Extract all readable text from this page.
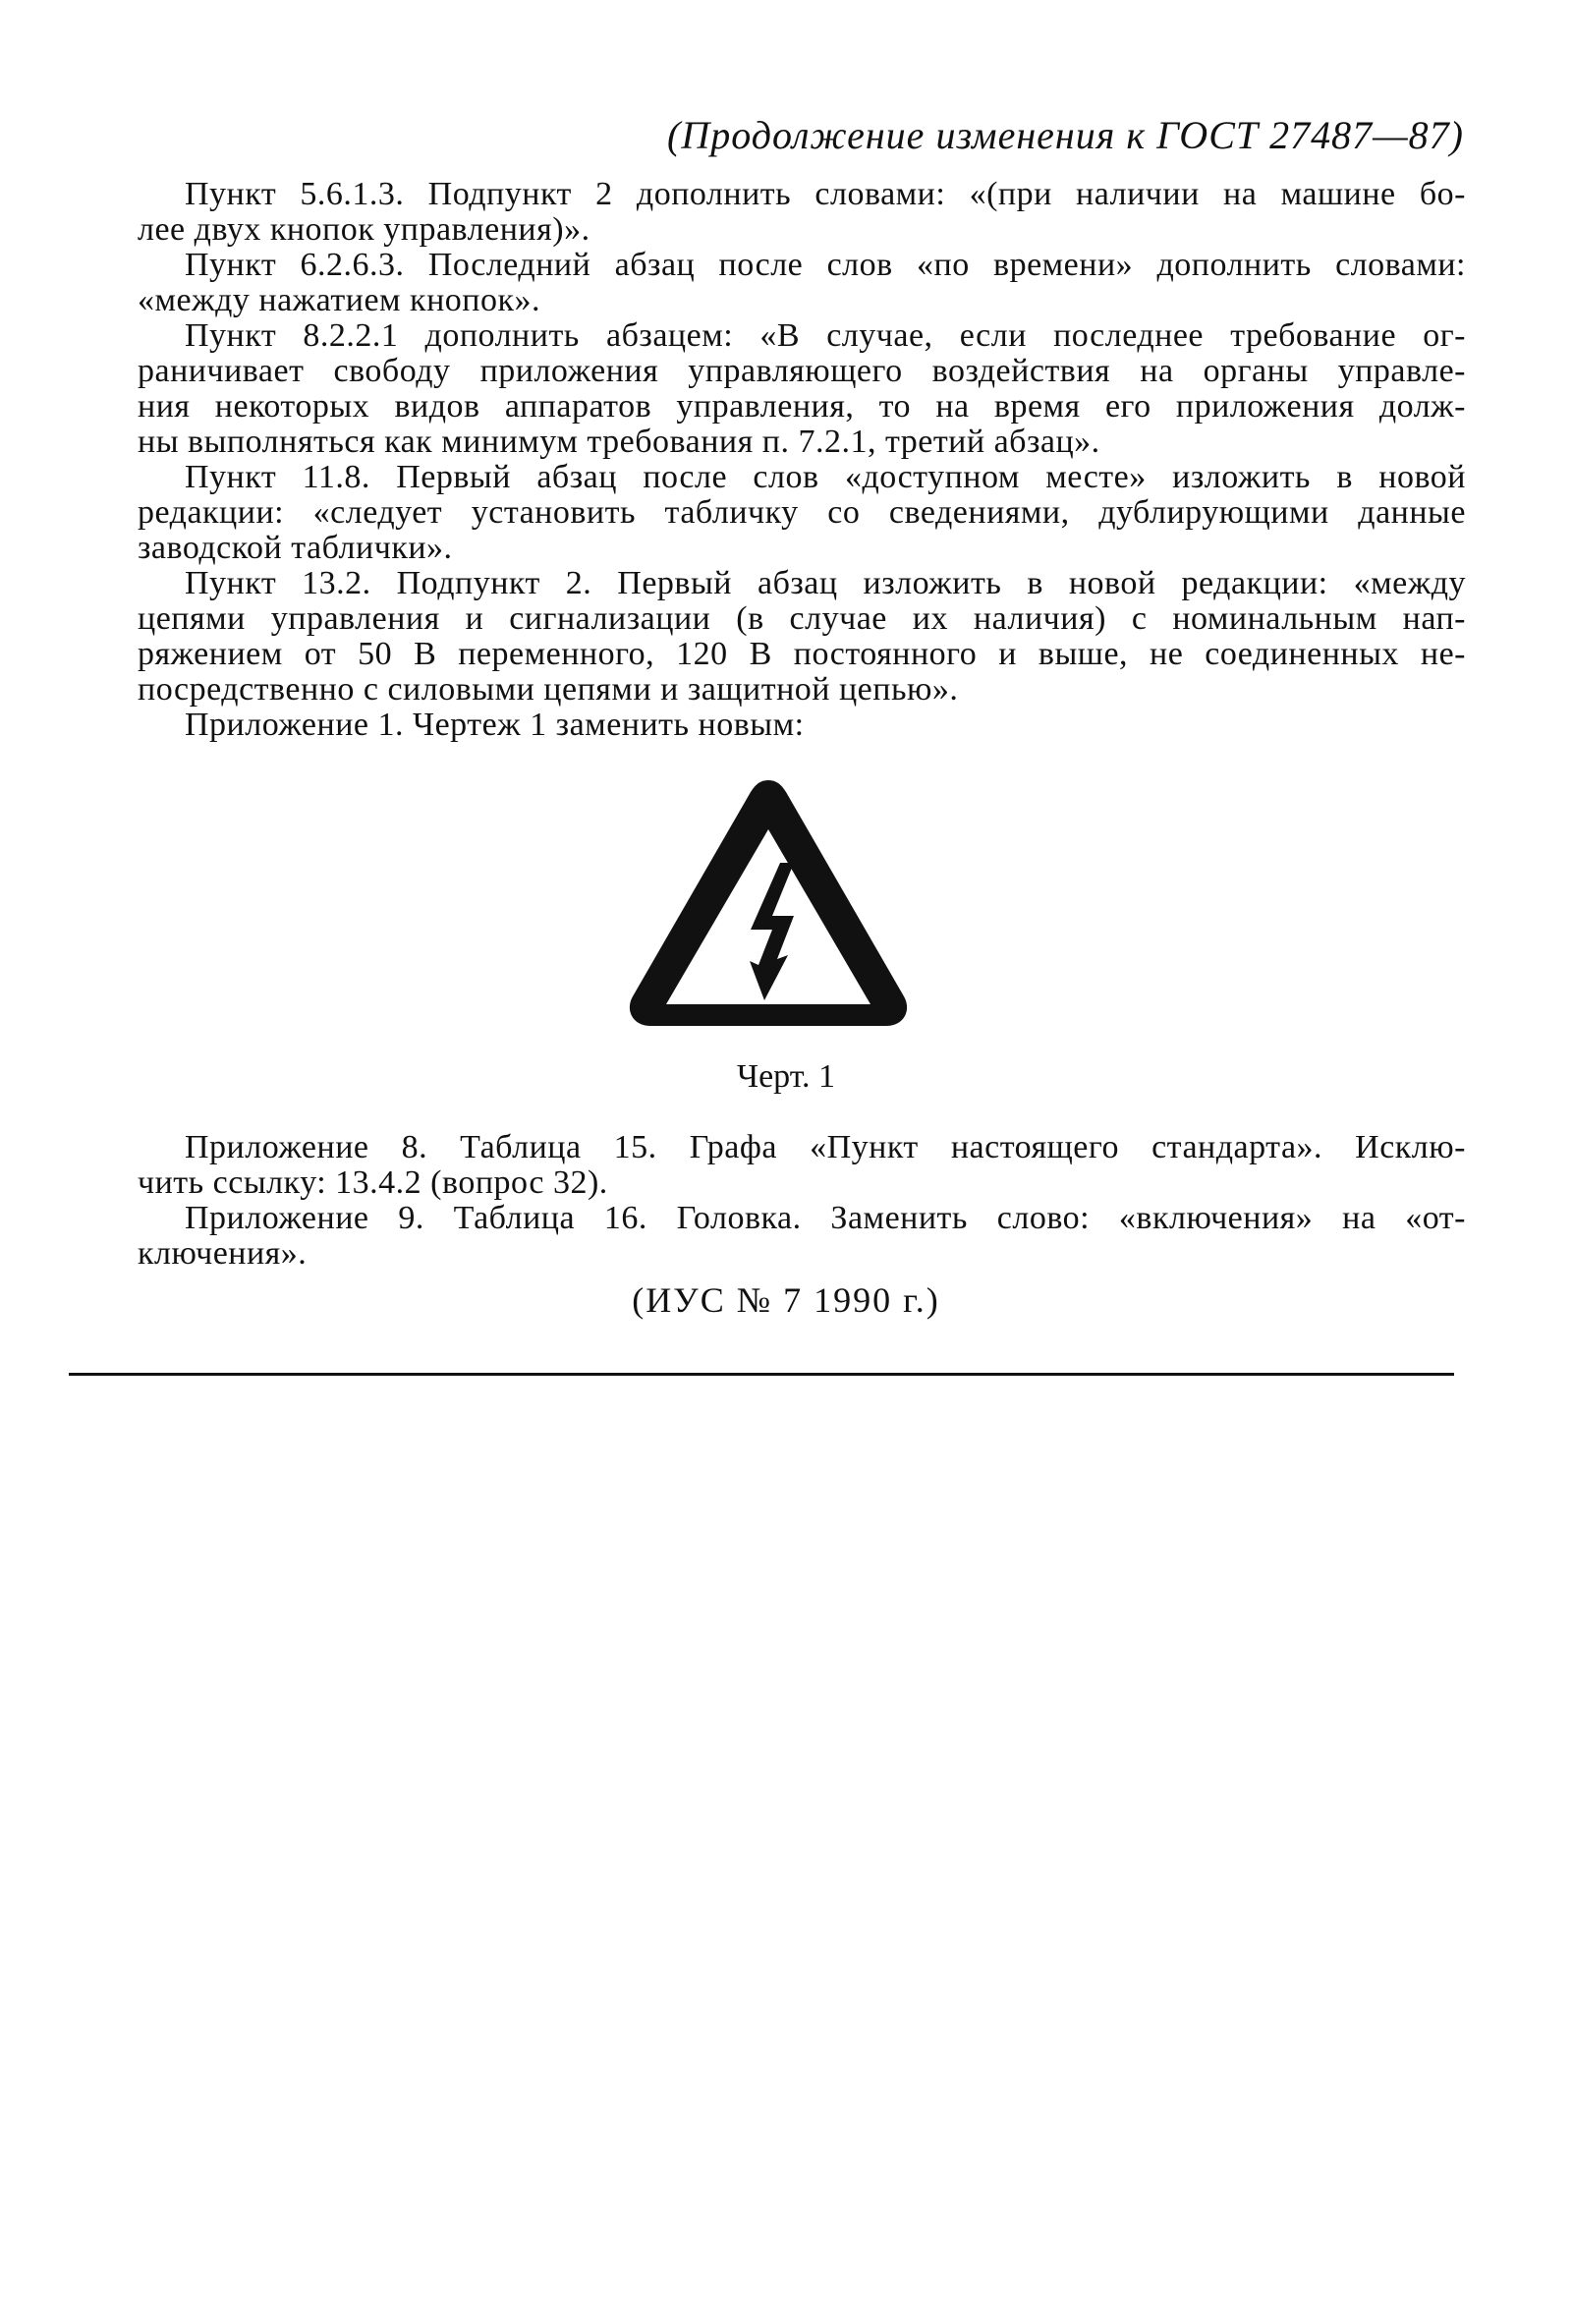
(Продолжение изменения к ГОСТ 27487—87)
Пункт 5.6.1.3. Подпункт 2 дополнить словами: «(при наличии на машине бо-
лее двух кнопок управления)».
Пункт 6.2.6.3. Последний абзац после слов «по времени» дополнить словами:
«между нажатием кнопок».
Пункт 8.2.2.1 дополнить абзацем: «В случае, если последнее требование ог-
раничивает свободу приложения управляющего воздействия на органы управле-
ния некоторых видов аппаратов управления, то на время его приложения долж-
ны выполняться как минимум требования п. 7.2.1, третий абзац».
Пункт 11.8. Первый абзац после слов «доступном месте» изложить в новой
редакции: «следует установить табличку со сведениями, дублирующими данные
заводской таблички».
Пункт 13.2. Подпункт 2. Первый абзац изложить в новой редакции: «между
цепями управления и сигнализации (в случае их наличия) с номинальным нап-
ряжением от 50 В переменного, 120 В постоянного и выше, не соединенных не-
посредственно с силовыми цепями и защитной цепью».
Приложение 1. Чертеж 1 заменить новым:
Черт. 1
Приложение 8. Таблица 15. Графа «Пункт настоящего стандарта». Исклю-
чить ссылку: 13.4.2 (вопрос 32).
Приложение 9. Таблица 16. Головка. Заменить слово: «включения» на «от-
ключения».
(ИУС № 7 1990 г.)
